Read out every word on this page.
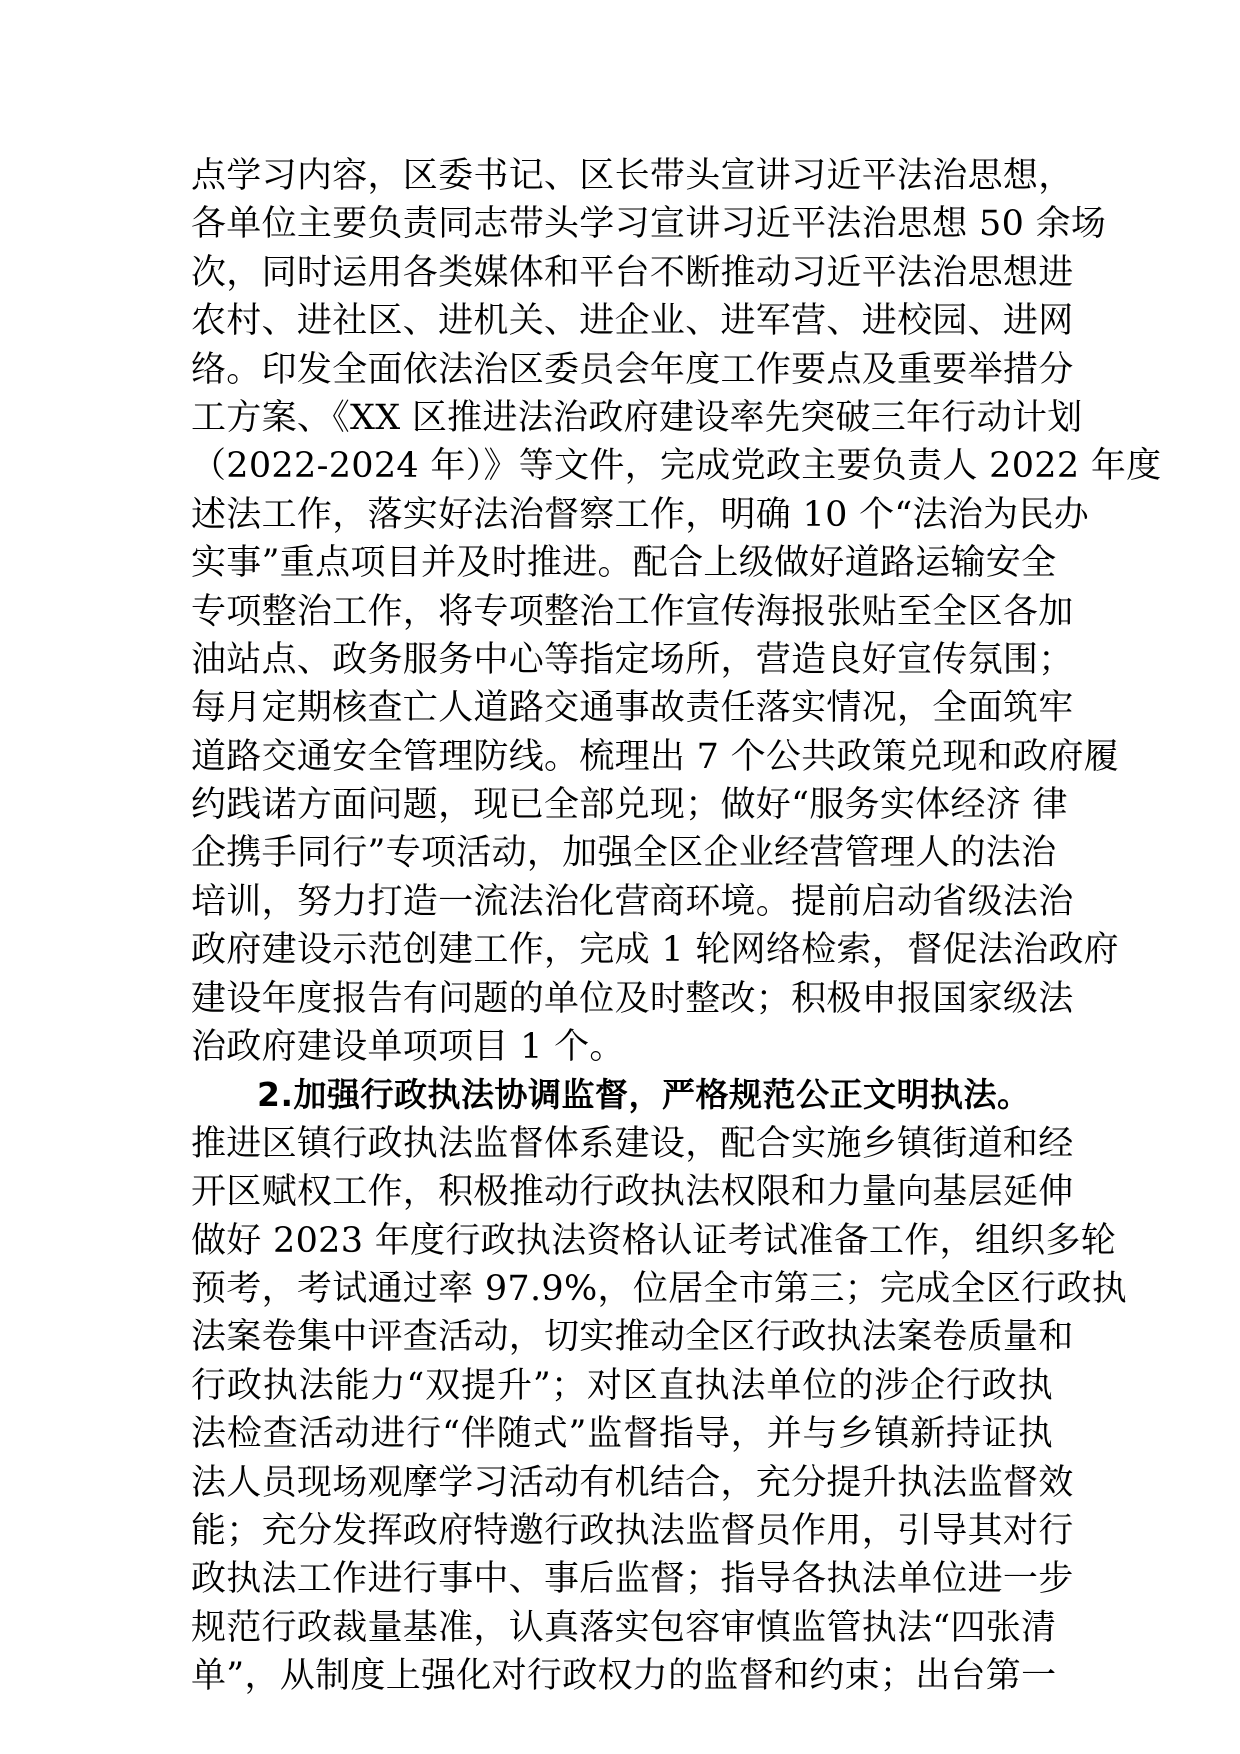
点学习内容，区委书记、区长带头宣讲习近平法治思想，
各单位主要负责同志带头学习宣讲习近平法治思想 50 余场
次，同时运用各类媒体和平台不断推动习近平法治思想进
农村、进社区、进机关、进企业、进军营、进校园、进网
络。印发全面依法治区委员会年度工作要点及重要举措分
工方案、《XX 区推进法治政府建设率先突破三年行动计划
（2022-2024 年）》等文件，完成党政主要负责人 2022 年度
述法工作，落实好法治督察工作，明确 10 个“法治为民办
实事”重点项目并及时推进。配合上级做好道路运输安全
专项整治工作，将专项整治工作宣传海报张贴至全区各加
油站点、政务服务中心等指定场所，营造良好宣传氛围；
每月定期核查亡人道路交通事故责任落实情况，全面筑牢
道路交通安全管理防线。梳理出 7 个公共政策兑现和政府履
约践诺方面问题，现已全部兑现；做好“服务实体经济 律
企携手同行”专项活动，加强全区企业经营管理人的法治
培训，努力打造一流法治化营商环境。提前启动省级法治
政府建设示范创建工作，完成 1 轮网络检索，督促法治政府
建设年度报告有问题的单位及时整改；积极申报国家级法
治政府建设单项项目 1 个。
2.加强行政执法协调监督，严格规范公正文明执法。
推进区镇行政执法监督体系建设，配合实施乡镇街道和经
开区赋权工作，积极推动行政执法权限和力量向基层延伸
做好 2023 年度行政执法资格认证考试准备工作，组织多轮
预考，考试通过率 97.9%，位居全市第三；完成全区行政执
法案卷集中评查活动，切实推动全区行政执法案卷质量和
行政执法能力“双提升”；对区直执法单位的涉企行政执
法检查活动进行“伴随式”监督指导，并与乡镇新持证执
法人员现场观摩学习活动有机结合，充分提升执法监督效
能；充分发挥政府特邀行政执法监督员作用，引导其对行
政执法工作进行事中、事后监督；指导各执法单位进一步
规范行政裁量基准，认真落实包容审慎监管执法“四张清
单”，从制度上强化对行政权力的监督和约束；出台第一
